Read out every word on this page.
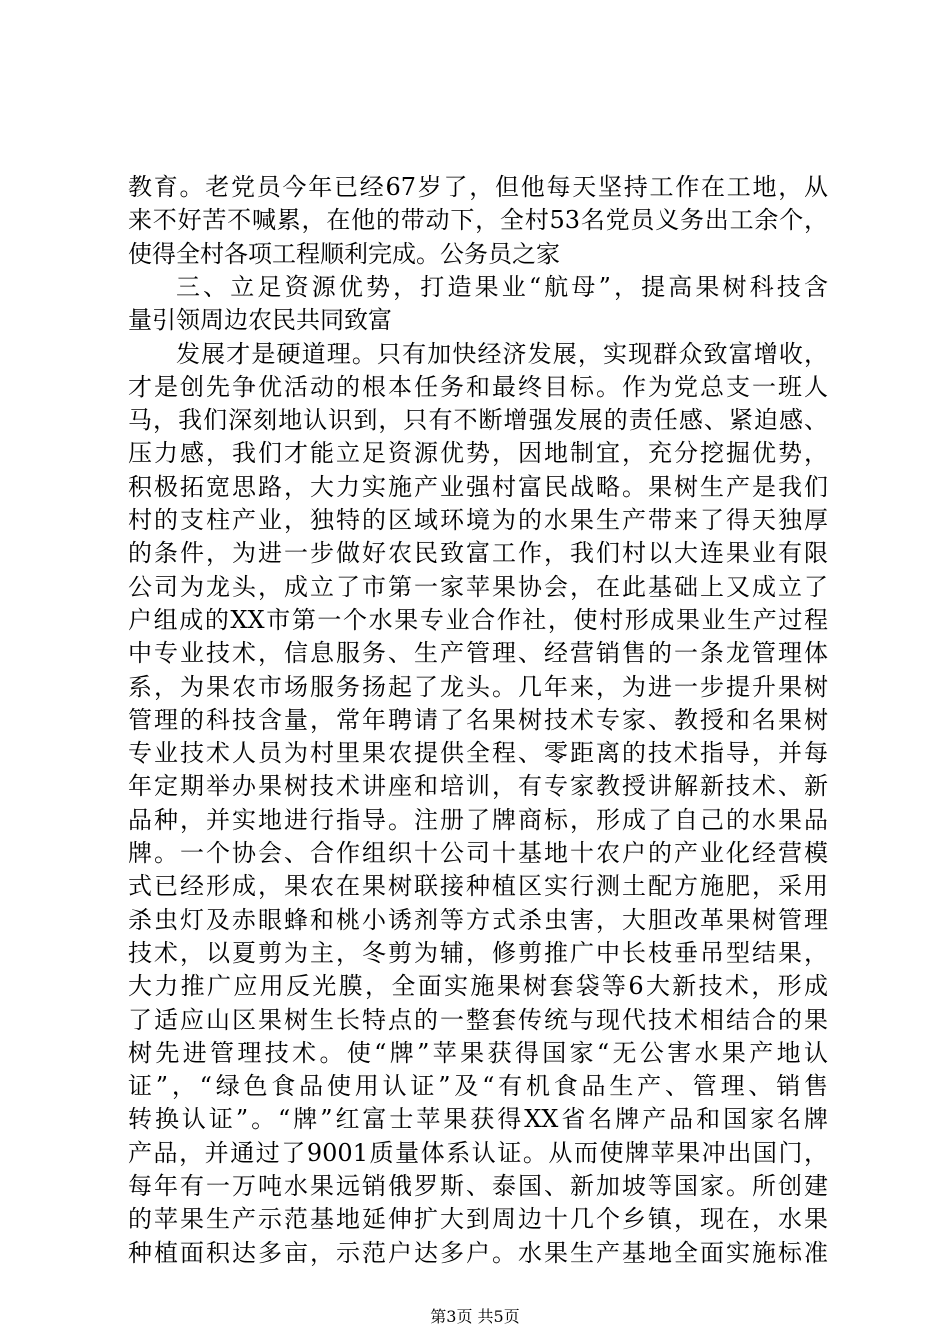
教育。老党员今年已经67岁了，但他每天坚持工作在工地，从
来不好苦不喊累，在他的带动下，全村53名党员义务出工余个，
使得全村各项工程顺利完成。公务员之家
三、立足资源优势，打造果业“航母”，提高果树科技含
量引领周边农民共同致富
发展才是硬道理。只有加快经济发展，实现群众致富增收，
才是创先争优活动的根本任务和最终目标。作为党总支一班人
马，我们深刻地认识到，只有不断增强发展的责任感、紧迫感、
压力感，我们才能立足资源优势，因地制宜，充分挖掘优势，
积极拓宽思路，大力实施产业强村富民战略。果树生产是我们
村的支柱产业，独特的区域环境为的水果生产带来了得天独厚
的条件，为进一步做好农民致富工作，我们村以大连果业有限
公司为龙头，成立了市第一家苹果协会，在此基础上又成立了
户组成的XX市第一个水果专业合作社，使村形成果业生产过程
中专业技术，信息服务、生产管理、经营销售的一条龙管理体
系，为果农市场服务扬起了龙头。几年来，为进一步提升果树
管理的科技含量，常年聘请了名果树技术专家、教授和名果树
专业技术人员为村里果农提供全程、零距离的技术指导，并每
年定期举办果树技术讲座和培训，有专家教授讲解新技术、新
品种，并实地进行指导。注册了牌商标，形成了自己的水果品
牌。一个协会、合作组织十公司十基地十农户的产业化经营模
式已经形成，果农在果树联接种植区实行测土配方施肥，采用
杀虫灯及赤眼蜂和桃小诱剂等方式杀虫害，大胆改革果树管理
技术，以夏剪为主，冬剪为辅，修剪推广中长枝垂吊型结果，
大力推广应用反光膜，全面实施果树套袋等6大新技术，形成
了适应山区果树生长特点的一整套传统与现代技术相结合的果
树先进管理技术。使“牌”苹果获得国家“无公害水果产地认
证”，“绿色食品使用认证”及“有机食品生产、管理、销售
转换认证”。“牌”红富士苹果获得XX省名牌产品和国家名牌
产品，并通过了9001质量体系认证。从而使牌苹果冲出国门，
每年有一万吨水果远销俄罗斯、泰国、新加坡等国家。所创建
的苹果生产示范基地延伸扩大到周边十几个乡镇，现在，水果
种植面积达多亩，示范户达多户。水果生产基地全面实施标准
第3页 共5页
